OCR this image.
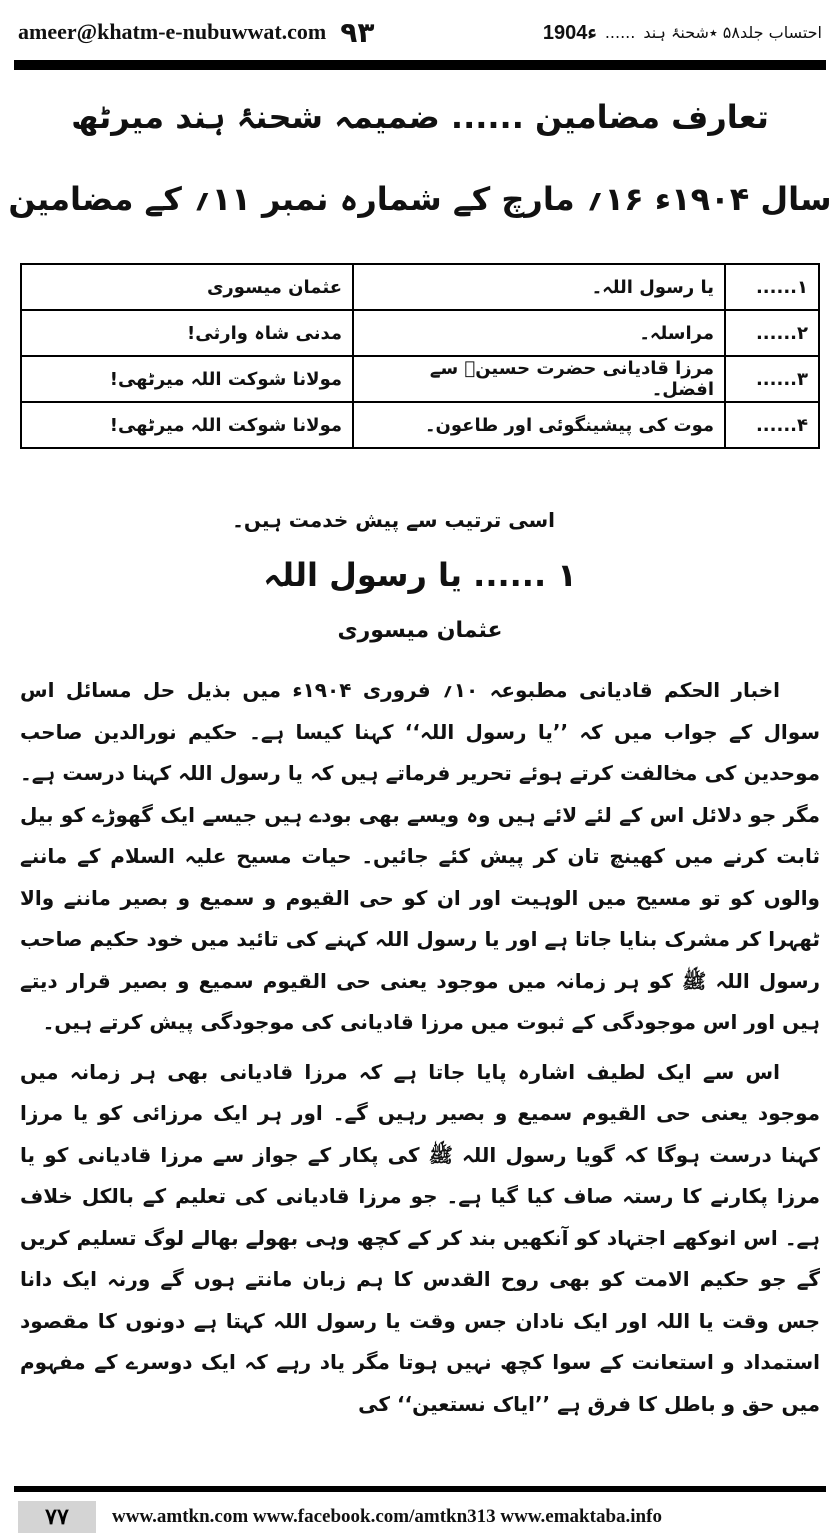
ameer@khatm-e-nubuwwat.com ۹۳	احتساب جلد۵۸ ٭شحنۂ ہند
......
1904ء
تعارف مضامین ...... ضمیمہ شحنۂ ہند میرٹھ
سال ۱۹۰۴ء ۱۶؍ مارچ کے شمارہ نمبر ۱۱؍ کے مضامین
۱......	یا رسول اللہ۔	عثمان میسوری
۲......	مراسلہ۔	مدنی شاہ وارثی!
۳......	مرزا قادیانی حضرت حسینؓ سے افضل۔	مولانا شوکت اللہ میرٹھی!
۴......	موت کی پیشینگوئی اور طاعون۔	مولانا شوکت اللہ میرٹھی!
اسی ترتیب سے پیش خدمت ہیں۔
۱ ...... یا رسول اللہ
عثمان میسوری

اخبار الحکم قادیانی مطبوعہ ۱۰؍ فروری ۱۹۰۴ء میں بذیل حل مسائل اس سوال کے جواب میں کہ ’’یا رسول اللہ‘‘ کہنا کیسا ہے۔ حکیم نورالدین صاحب موحدین کی مخالفت کرتے ہوئے تحریر فرماتے ہیں کہ یا رسول اللہ کہنا درست ہے۔ مگر جو دلائل اس کے لئے لائے ہیں وہ ویسے بھی بودے ہیں جیسے ایک گھوڑے کو بیل ثابت کرنے میں کھینچ تان کر پیش کئے جائیں۔ حیات مسیح علیہ السلام کے ماننے والوں کو تو مسیح میں الوہیت اور ان کو حی القیوم و سمیع و بصیر ماننے والا ٹھہرا کر مشرک بنایا جاتا ہے اور یا رسول اللہ کہنے کی تائید میں خود حکیم صاحب رسول اللہ ﷺ کو ہر زمانہ میں موجود یعنی حی القیوم سمیع و بصیر قرار دیتے ہیں اور اس موجودگی کے ثبوت میں مرزا قادیانی کی موجودگی پیش کرتے ہیں۔

اس سے ایک لطیف اشارہ پایا جاتا ہے کہ مرزا قادیانی بھی ہر زمانہ میں موجود یعنی حی القیوم سمیع و بصیر رہیں گے۔ اور ہر ایک مرزائی کو یا مرزا کہنا درست ہوگا کہ گویا رسول اللہ ﷺ کی پکار کے جواز سے مرزا قادیانی کو یا مرزا پکارنے کا رستہ صاف کیا گیا ہے۔ جو مرزا قادیانی کی تعلیم کے بالکل خلاف ہے۔ اس انوکھے اجتہاد کو آنکھیں بند کر کے کچھ وہی بھولے بھالے لوگ تسلیم کریں گے جو حکیم الامت کو بھی روح القدس کا ہم زبان مانتے ہوں گے ورنہ ایک دانا جس وقت یا اللہ اور ایک نادان جس وقت یا رسول اللہ کہتا ہے دونوں کا مقصود استمداد و استعانت کے سوا کچھ نہیں ہوتا مگر یاد رہے کہ ایک دوسرے کے مفہوم میں حق و باطل کا فرق ہے ’’ایاک نستعین‘‘ کی

۷۷	www.amtkn.com www.facebook.com/amtkn313 www.emaktaba.info
